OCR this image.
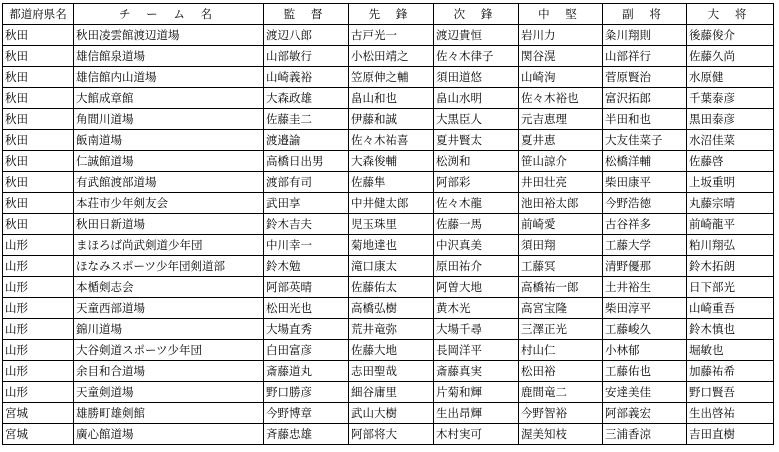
都道府県名	チ ー ム 名	監 督	先 鋒	次 鋒	中 堅	副 将	大 将
秋田	秋田凌雲館渡辺道場	渡辺八郎	古戸光一	渡辺貴恒	岩川力	粂川翔則	後藤俊介
秋田	雄信館泉道場	山部敏行	小松田靖之	佐々木律子	関谷滉	山部祥行	佐藤久尚
秋田	雄信館内山道場	山崎義裕	笠原伸之輔	須田道悠	山崎洵	菅原賢治	水原健
秋田	大館成章館	大森政雄	畠山和也	畠山水明	佐々木裕也	富沢拓郎	千葉泰彦
秋田	角間川道場	佐藤圭二	伊藤和誠	大黒臣人	元吉恵理	半田和也	黒田泰彦
秋田	飯南道場	渡邉諭	佐々木祐喜	夏井賢太	夏井恵	大友佳菜子	水沼佳菜
秋田	仁誠館道場	高橋日出男	大森俊輔	松渕和	笹山諒介	松橋洋輔	佐藤啓
秋田	有武館渡部道場	渡部有司	佐藤隼	阿部彩	井田壮亮	柴田康平	上坂重明
秋田	本荘市少年剣友会	武田享	中井健太郎	佐々木龍	池田裕太郎	今野浩徳	丸藤宗晴
秋田	秋田日新道場	鈴木吉夫	児玉珠里	佐藤一馬	前崎愛	古谷祥多	前崎龍平
山形	まほろば尚武剣道少年団	中川幸一	菊地達也	中沢真美	須田翔	工藤大学	粕川翔弘
山形	ほなみスポーツ少年団剣道部	鈴木勉	滝口康太	原田祐介	工藤冥	清野優那	鈴木拓朗
山形	本楯剣志会	阿部英晴	佐藤佑太	阿曽大地	高橋祐一郎	土井裕生	日下部光
山形	天童西部道場	松田光也	高橋弘樹	黄木光	高宮宝隆	柴田淳平	山崎重吾
山形	錦川道場	大場直秀	荒井竜弥	大場千尋	三澤正光	工藤峻久	鈴木慎也
山形	大谷剣道スポーツ少年団	白田富彦	佐藤大地	長岡洋平	村山仁	小林郁	堀敏也
山形	余目和合道場	斎藤道丸	志田聖哉	斎藤真実	松田裕	工藤佑也	加藤祐希
山形	天童剣道場	野口勝彦	細谷庸里	片菊和輝	鹿間竜二	安達美佳	野口賢吾
宮城	雄勝町雄剣館	今野博章	武山大樹	生出昂輝	今野智裕	阿部義宏	生出啓祐
宮城	廣心館道場	斉藤忠雄	阿部将大	木村実可	渥美知枝	三浦香涼	吉田直樹
